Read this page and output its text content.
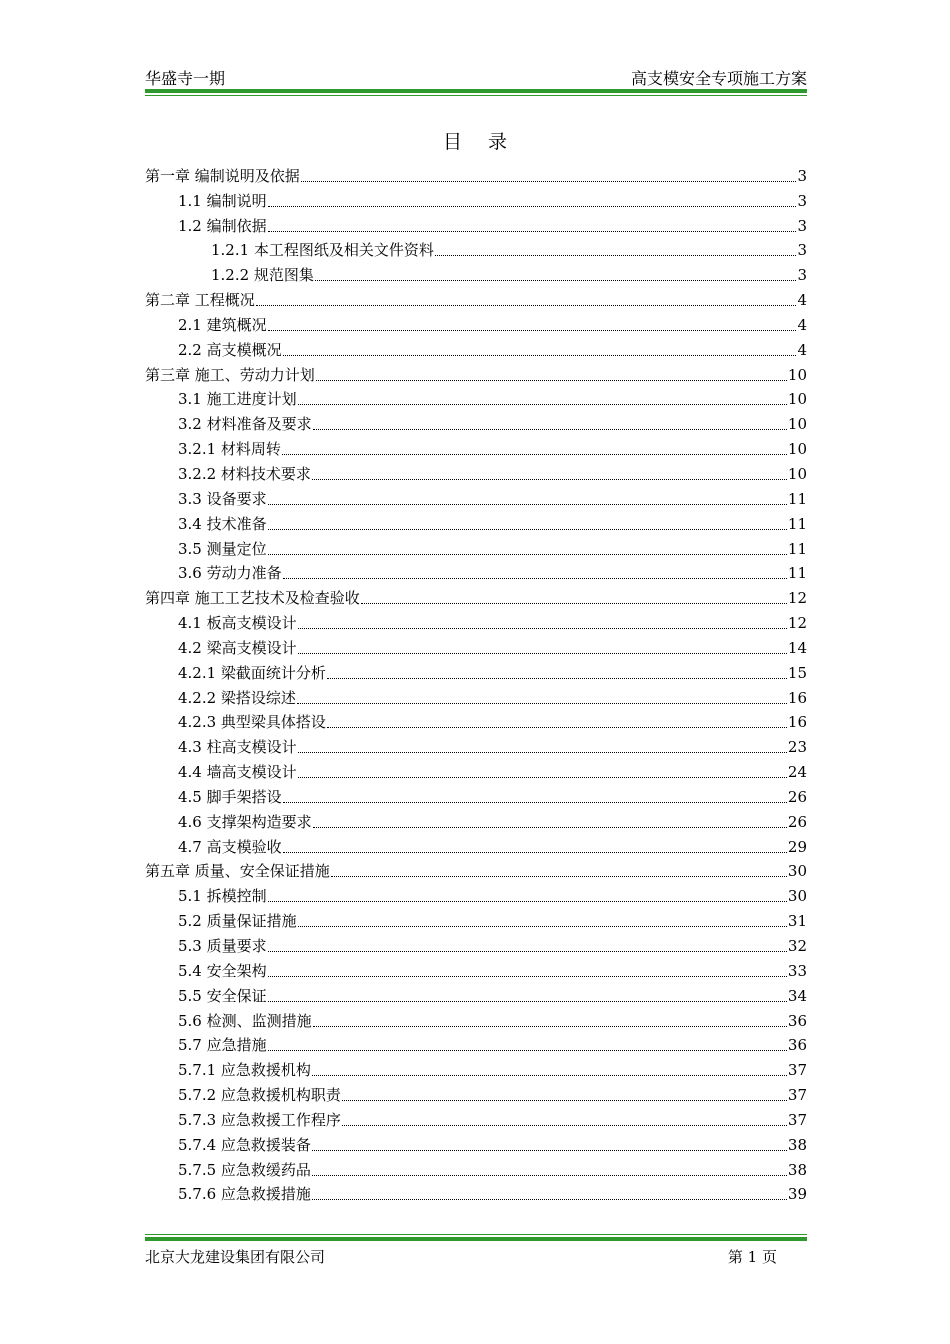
华盛寺一期	高支模安全专项施工方案
目录
第一章 编制说明及依据	3
1.1 编制说明	3
1.2 编制依据	3
1.2.1 本工程图纸及相关文件资料	3
1.2.2 规范图集	3
第二章 工程概况	4
2.1 建筑概况	4
2.2 高支模概况	4
第三章 施工、劳动力计划	10
3.1 施工进度计划	10
3.2 材料准备及要求	10
3.2.1 材料周转	10
3.2.2 材料技术要求	10
3.3 设备要求	11
3.4 技术准备	11
3.5 测量定位	11
3.6 劳动力准备	11
第四章 施工工艺技术及检查验收	12
4.1 板高支模设计	12
4.2 梁高支模设计	14
4.2.1 梁截面统计分析	15
4.2.2 梁搭设综述	16
4.2.3 典型梁具体搭设	16
4.3 柱高支模设计	23
4.4 墙高支模设计	24
4.5 脚手架搭设	26
4.6 支撑架构造要求	26
4.7 高支模验收	29
第五章 质量、安全保证措施	30
5.1 拆模控制	30
5.2 质量保证措施	31
5.3 质量要求	32
5.4 安全架构	33
5.5 安全保证	34
5.6 检测、监测措施	36
5.7 应急措施	36
5.7.1 应急救援机构	37
5.7.2 应急救援机构职责	37
5.7.3 应急救援工作程序	37
5.7.4 应急救援装备	38
5.7.5 应急救缓药品	38
5.7.6 应急救援措施	39
北京大龙建设集团有限公司	第 1 页
